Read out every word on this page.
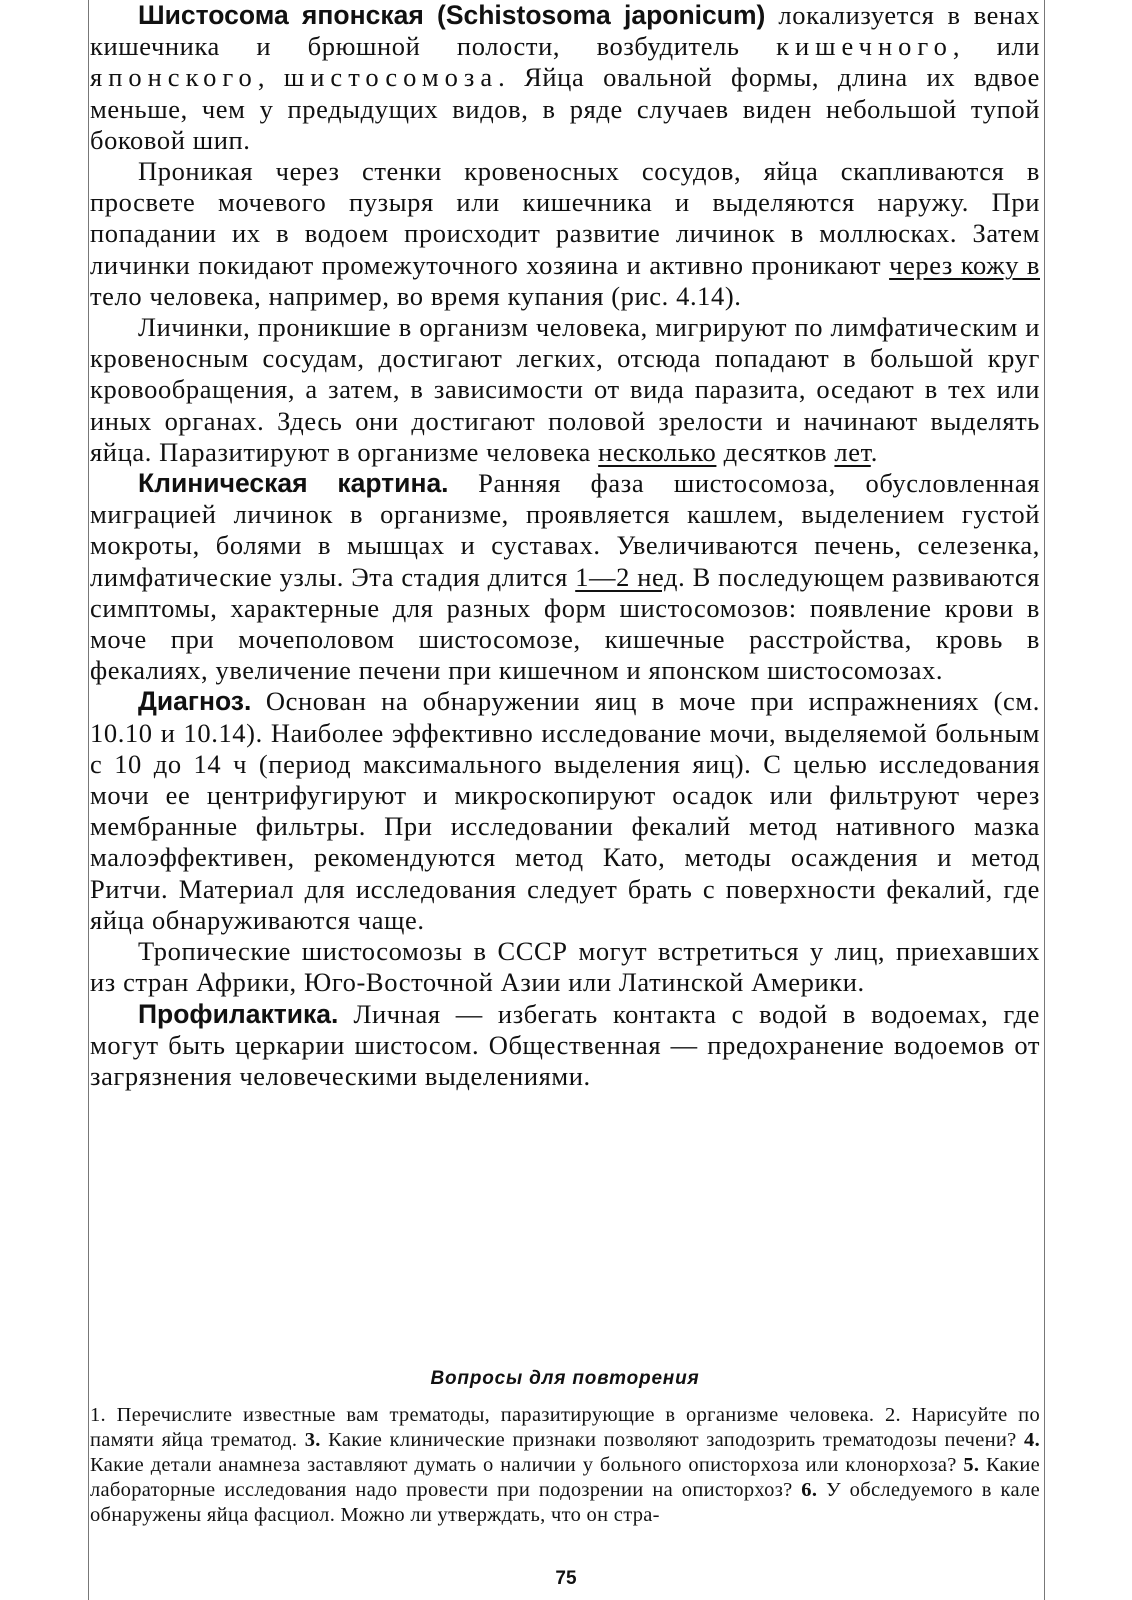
Шистосома японская (Schistosoma japonicum) локализуется в венах кишечника и брюшной полости, возбудитель кишечного, или японского, шистосомоза. Яйца овальной формы, длина их вдвое меньше, чем у предыдущих видов, в ряде случаев виден небольшой тупой боковой шип.

Проникая через стенки кровеносных сосудов, яйца скапливаются в просвете мочевого пузыря или кишечника и выделяются наружу. При попадании их в водоем происходит развитие личинок в моллюсках. Затем личинки покидают промежуточного хозяина и активно проникают через кожу в тело человека, например, во время купания (рис. 4.14).

Личинки, проникшие в организм человека, мигрируют по лимфатическим и кровеносным сосудам, достигают легких, отсюда попадают в большой круг кровообращения, а затем, в зависимости от вида паразита, оседают в тех или иных органах. Здесь они достигают половой зрелости и начинают выделять яйца. Паразитируют в организме человека несколько десятков лет.

Клиническая картина. Ранняя фаза шистосомоза, обусловленная миграцией личинок в организме, проявляется кашлем, выделением густой мокроты, болями в мышцах и суставах. Увеличиваются печень, селезенка, лимфатические узлы. Эта стадия длится 1—2 нед. В последующем развиваются симптомы, характерные для разных форм шистосомозов: появление крови в моче при мочеполовом шистосомозе, кишечные расстройства, кровь в фекалиях, увеличение печени при кишечном и японском шистосомозах.

Диагноз. Основан на обнаружении яиц в моче при испражнениях (см. 10.10 и 10.14). Наиболее эффективно исследование мочи, выделяемой больным с 10 до 14 ч (период максимального выделения яиц). С целью исследования мочи ее центрифугируют и микроскопируют осадок или фильтруют через мембранные фильтры. При исследовании фекалий метод нативного мазка малоэффективен, рекомендуются метод Като, методы осаждения и метод Ритчи. Материал для исследования следует брать с поверхности фекалий, где яйца обнаруживаются чаще.

Тропические шистосомозы в СССР могут встретиться у лиц, приехавших из стран Африки, Юго-Восточной Азии или Латинской Америки.

Профилактика. Личная — избегать контакта с водой в водоемах, где могут быть церкарии шистосом. Общественная — предохранение водоемов от загрязнения человеческими выделениями.

Вопросы для повторения

1. Перечислите известные вам трематоды, паразитирующие в организме человека. 2. Нарисуйте по памяти яйца трематод. 3. Какие клинические признаки позволяют заподозрить трематодозы печени? 4. Какие детали анамнеза заставляют думать о наличии у больного описторхоза или клонорхоза? 5. Какие лабораторные исследования надо провести при подозрении на описторхоз? 6. У обследуемого в кале обнаружены яйца фасциол. Можно ли утверждать, что он стра-

75
